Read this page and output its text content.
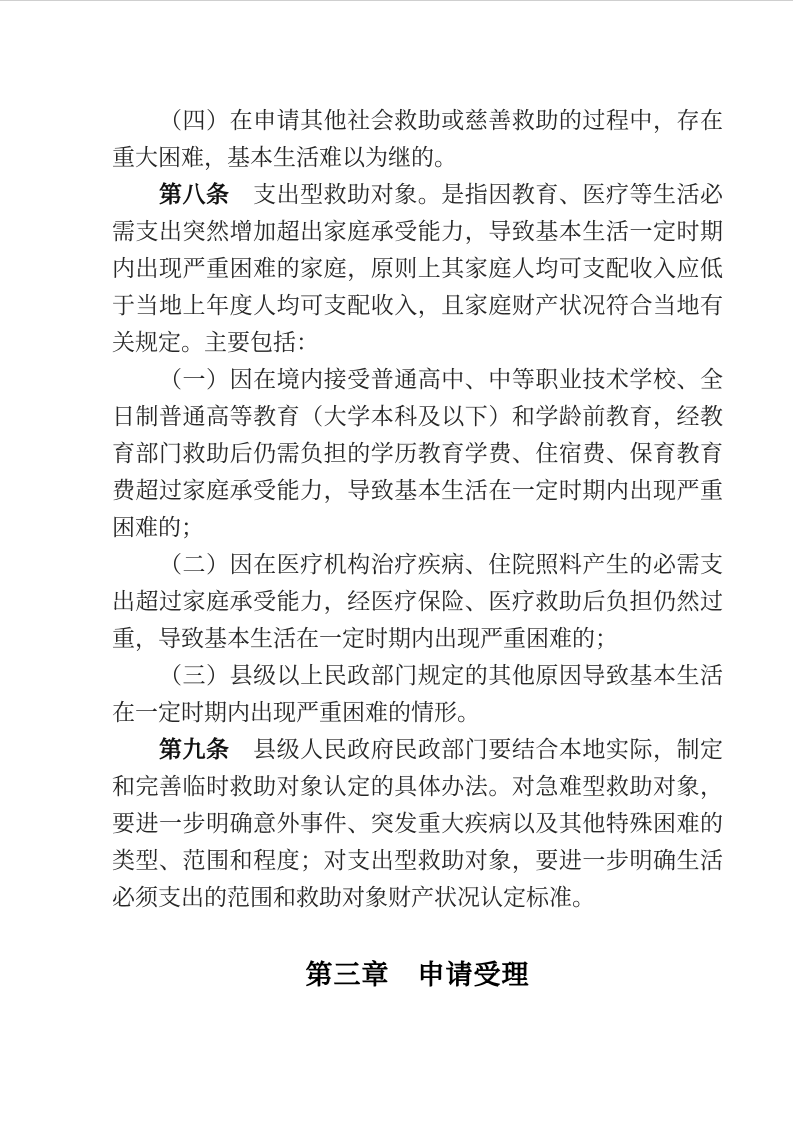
（四）在申请其他社会救助或慈善救助的过程中，存在
重大困难，基本生活难以为继的。
第八条　支出型救助对象。是指因教育、医疗等生活必
需支出突然增加超出家庭承受能力，导致基本生活一定时期
内出现严重困难的家庭，原则上其家庭人均可支配收入应低
于当地上年度人均可支配收入，且家庭财产状况符合当地有
关规定。主要包括：
（一）因在境内接受普通高中、中等职业技术学校、全
日制普通高等教育（大学本科及以下）和学龄前教育，经教
育部门救助后仍需负担的学历教育学费、住宿费、保育教育
费超过家庭承受能力，导致基本生活在一定时期内出现严重
困难的；
（二）因在医疗机构治疗疾病、住院照料产生的必需支
出超过家庭承受能力，经医疗保险、医疗救助后负担仍然过
重，导致基本生活在一定时期内出现严重困难的；
（三）县级以上民政部门规定的其他原因导致基本生活
在一定时期内出现严重困难的情形。
第九条　县级人民政府民政部门要结合本地实际，制定
和完善临时救助对象认定的具体办法。对急难型救助对象，
要进一步明确意外事件、突发重大疾病以及其他特殊困难的
类型、范围和程度；对支出型救助对象，要进一步明确生活
必须支出的范围和救助对象财产状况认定标准。
第三章　申请受理
